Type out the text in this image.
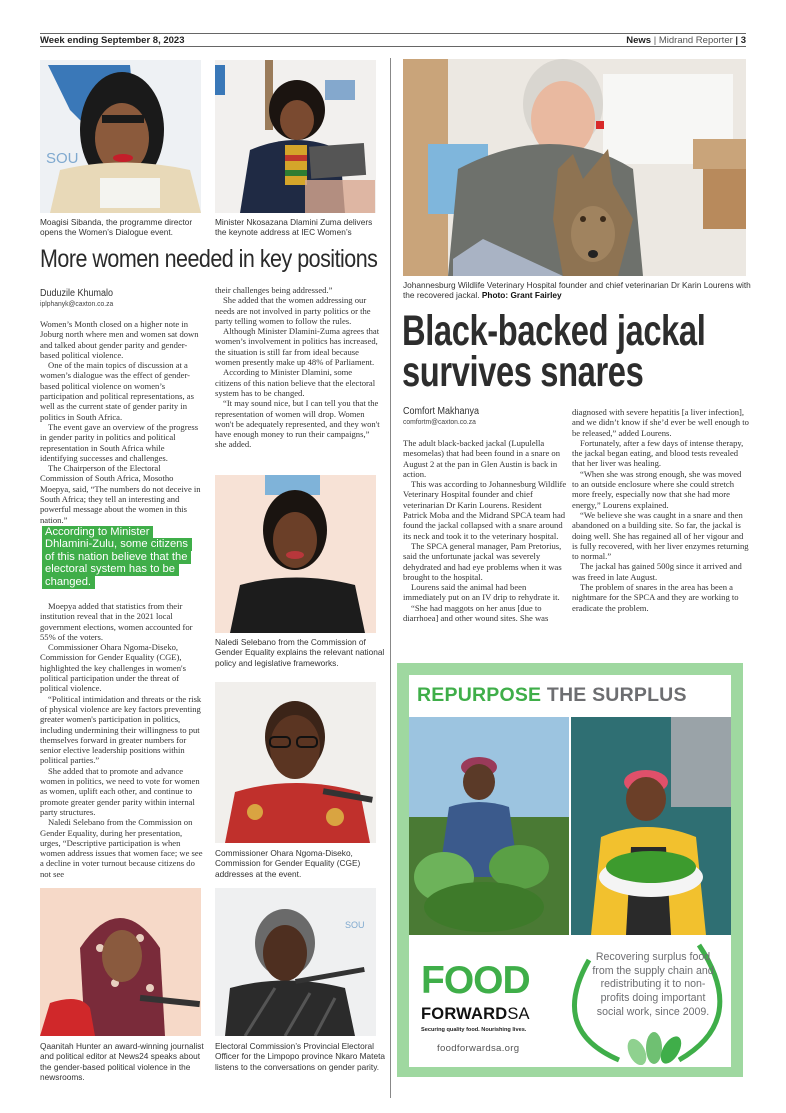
Week ending September 8, 2023	News | Midrand Reporter | 3
SOU
Moagisi Sibanda, the programme director opens the Women’s Dialogue event.
Minister Nkosazana Dlamini Zuma delivers the keynote address at IEC Women’s
More women needed in key positions
Duduzile Khumalo
iplphanyk@caxton.co.za

Women’s Month closed on a higher note in Joburg north where men and women sat down and talked about gender parity and gender-based political violence.

One of the main topics of discussion at a women’s dialogue was the effect of gender-based political violence on women’s participation and political representations, as well as the current state of gender parity in politics in South Africa.

The event gave an overview of the progress in gender parity in politics and political representation in South Africa while identifying successes and challenges.

The Chairperson of the Electoral Commission of South Africa, Mosotho Moepya, said, “The numbers do not deceive in South Africa; they tell an interesting and powerful message about the women in this nation.”

According to Minister Dhlamini-Zulu, some citizens of this nation believe that the electoral system has to be changed.

Moepya added that statistics from their institution reveal that in the 2021 local government elections, women accounted for 55% of the voters.

Commissioner Ohara Ngoma-Diseko, Commission for Gender Equality (CGE), highlighted the key challenges in women's political participation under the threat of political violence.

“Political intimidation and threats or the risk of physical violence are key factors preventing greater women's participation in politics, including undermining their willingness to put themselves forward in greater numbers for senior elective leadership positions within political parties.”

She added that to promote and advance women in politics, we need to vote for women as women, uplift each other, and continue to promote greater gender parity within internal party structures.

Naledi Selebano from the Commission on Gender Equality, during her presentation, urges, “Descriptive participation is when women address issues that women face; we see a decline in voter turnout because citizens do not see

their challenges being addressed.”

She added that the women addressing our needs are not involved in party politics or the party telling women to follow the rules.

Although Minister Dlamini-Zuma agrees that women’s involvement in politics has increased, the situation is still far from ideal because women presently make up 48% of Parliament.

According to Minister Dlamini, some citizens of this nation believe that the electoral system has to be changed.

“It may sound nice, but I can tell you that the representation of women will drop. Women won't be adequately represented, and they won't have enough money to run their campaigns,” she added.

Naledi Selebano from the Commission of Gender Equality explains the relevant national policy and legislative frameworks.
Commissioner Ohara Ngoma-Diseko, Commission for Gender Equality (CGE) addresses at the event.
SOU
Qaanitah Hunter an award-winning journalist and political editor at News24 speaks about the gender-based political violence in the newsrooms.
Electoral Commission’s Provincial Electoral Officer for the Limpopo province Nkaro Mateta listens to the conversations on gender parity.
Johannesburg Wildlife Veterinary Hospital founder and chief veterinarian Dr Karin Lourens with the recovered jackal. Photo: Grant Fairley
Black-backed jackal
survives snares
Comfort Makhanya
comfortm@caxton.co.za

The adult black-backed jackal (Lupulella mesomelas) that had been found in a snare on August 2 at the pan in Glen Austin is back in action.

This was according to Johannesburg Wildlife Veterinary Hospital founder and chief veterinarian Dr Karin Lourens. Resident Patrick Moba and the Midrand SPCA team had found the jackal collapsed with a snare around its neck and took it to the veterinary hospital.

The SPCA general manager, Pam Pretorius, said the unfortunate jackal was severely dehydrated and had eye problems when it was brought to the hospital.

Lourens said the animal had been immediately put on an IV drip to rehydrate it.

“She had maggots on her anus [due to diarrhoea] and other wound sites. She was

diagnosed with severe hepatitis [a liver infection], and we didn’t know if she’d ever be well enough to be released,” added Lourens.

Fortunately, after a few days of intense therapy, the jackal began eating, and blood tests revealed that her liver was healing.

“When she was strong enough, she was moved to an outside enclosure where she could stretch more freely, especially now that she had more energy,” Lourens explained.

“We believe she was caught in a snare and then abandoned on a building site. So far, the jackal is doing well. She has regained all of her vigour and is fully recovered, with her liver enzymes returning to normal.”

The jackal has gained 500g since it arrived and was freed in late August.

The problem of snares in the area has been a nightmare for the SPCA and they are working to eradicate the problem.

REPURPOSE THE SURPLUS
FOOD
FORWARDSA
Securing quality food. Nourishing lives.
foodforwardsa.org
Recovering surplus food from the supply chain and redistributing it to non-profits doing important social work, since 2009.
